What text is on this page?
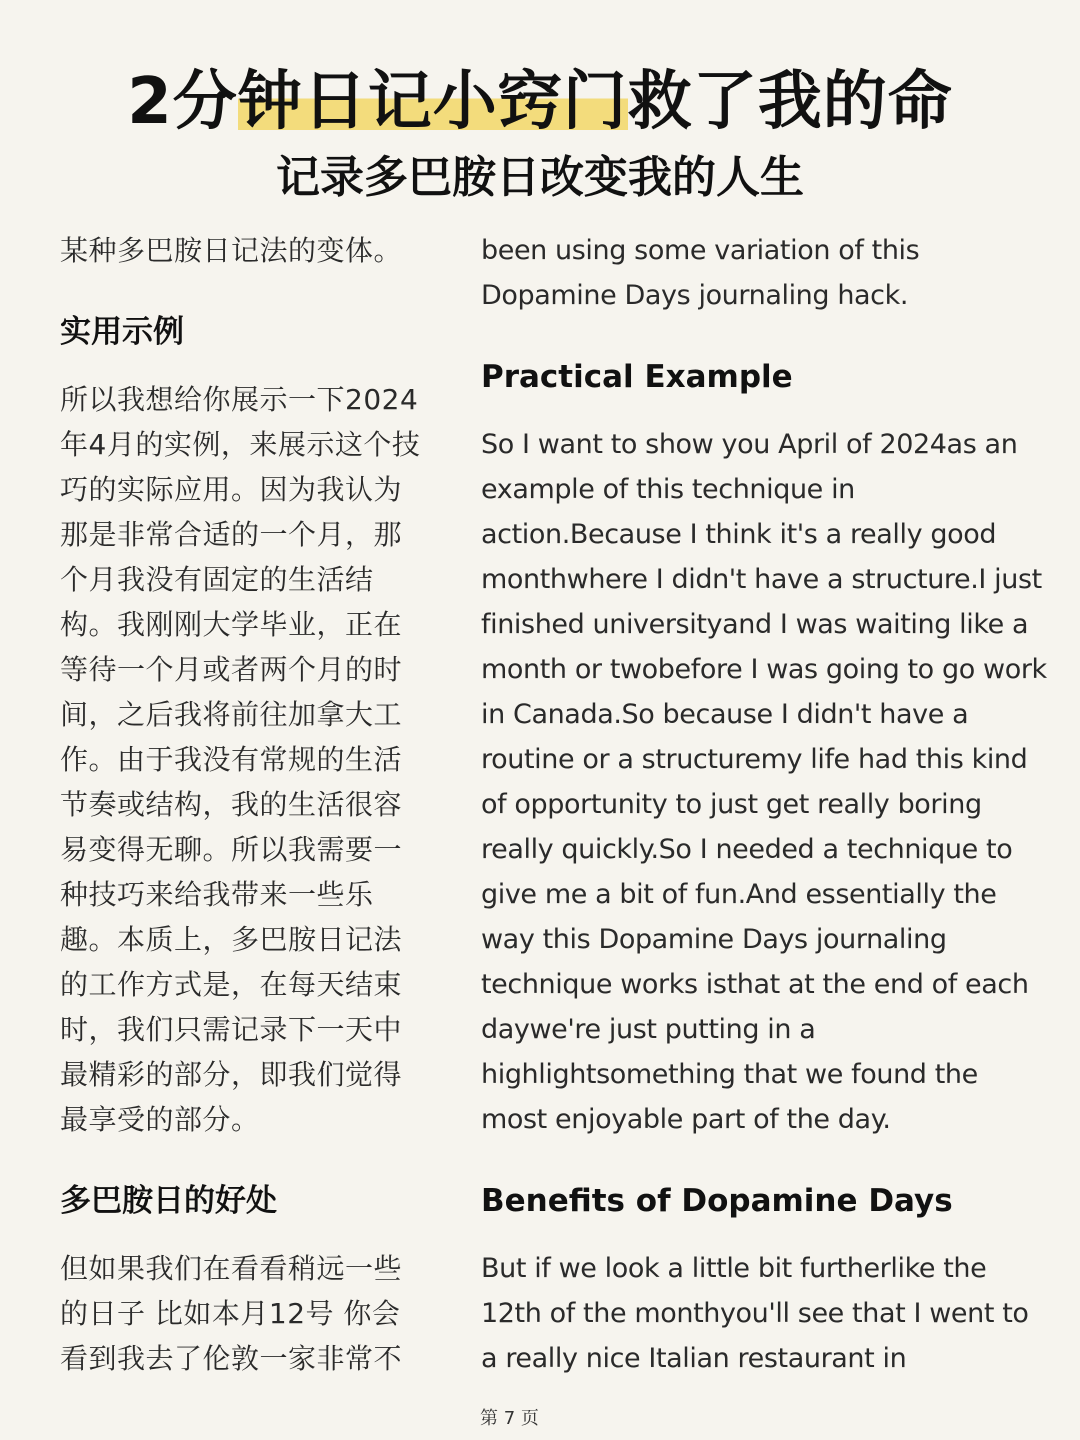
2分钟日记小窍门救了我的命
记录多巴胺日改变我的人生

某种多巴胺日记法的变体。

实用示例

所以我想给你展示一下2024年4月的实例，来展示这个技巧的实际应用。因为我认为那是非常合适的一个月，那个月我没有固定的生活结构。我刚刚大学毕业，正在等待一个月或者两个月的时间，之后我将前往加拿大工作。由于我没有常规的生活节奏或结构，我的生活很容易变得无聊。所以我需要一种技巧来给我带来一些乐趣。本质上，多巴胺日记法的工作方式是，在每天结束时，我们只需记录下一天中最精彩的部分，即我们觉得最享受的部分。

多巴胺日的好处

但如果我们在看看稍远一些的日子 比如本月12号 你会看到我去了伦敦一家非常不

been using some variation of this Dopamine Days journaling hack.

Practical Example

So I want to show you April of 2024as an example of this technique in action.Because I think it's a really good monthwhere I didn't have a structure.I just finished universityand I was waiting like a month or twobefore I was going to go work in Canada.So because I didn't have a routine or a structuremy life had this kind of opportunity to just get really boring really quickly.So I needed a technique to give me a bit of fun.And essentially the way this Dopamine Days journaling technique works isthat at the end of each daywe're just putting in a highlightsomething that we found the most enjoyable part of the day.

Benefits of Dopamine Days

But if we look a little bit furtherlike the 12th of the monthyou'll see that I went to a really nice Italian restaurant in

第 7 页
